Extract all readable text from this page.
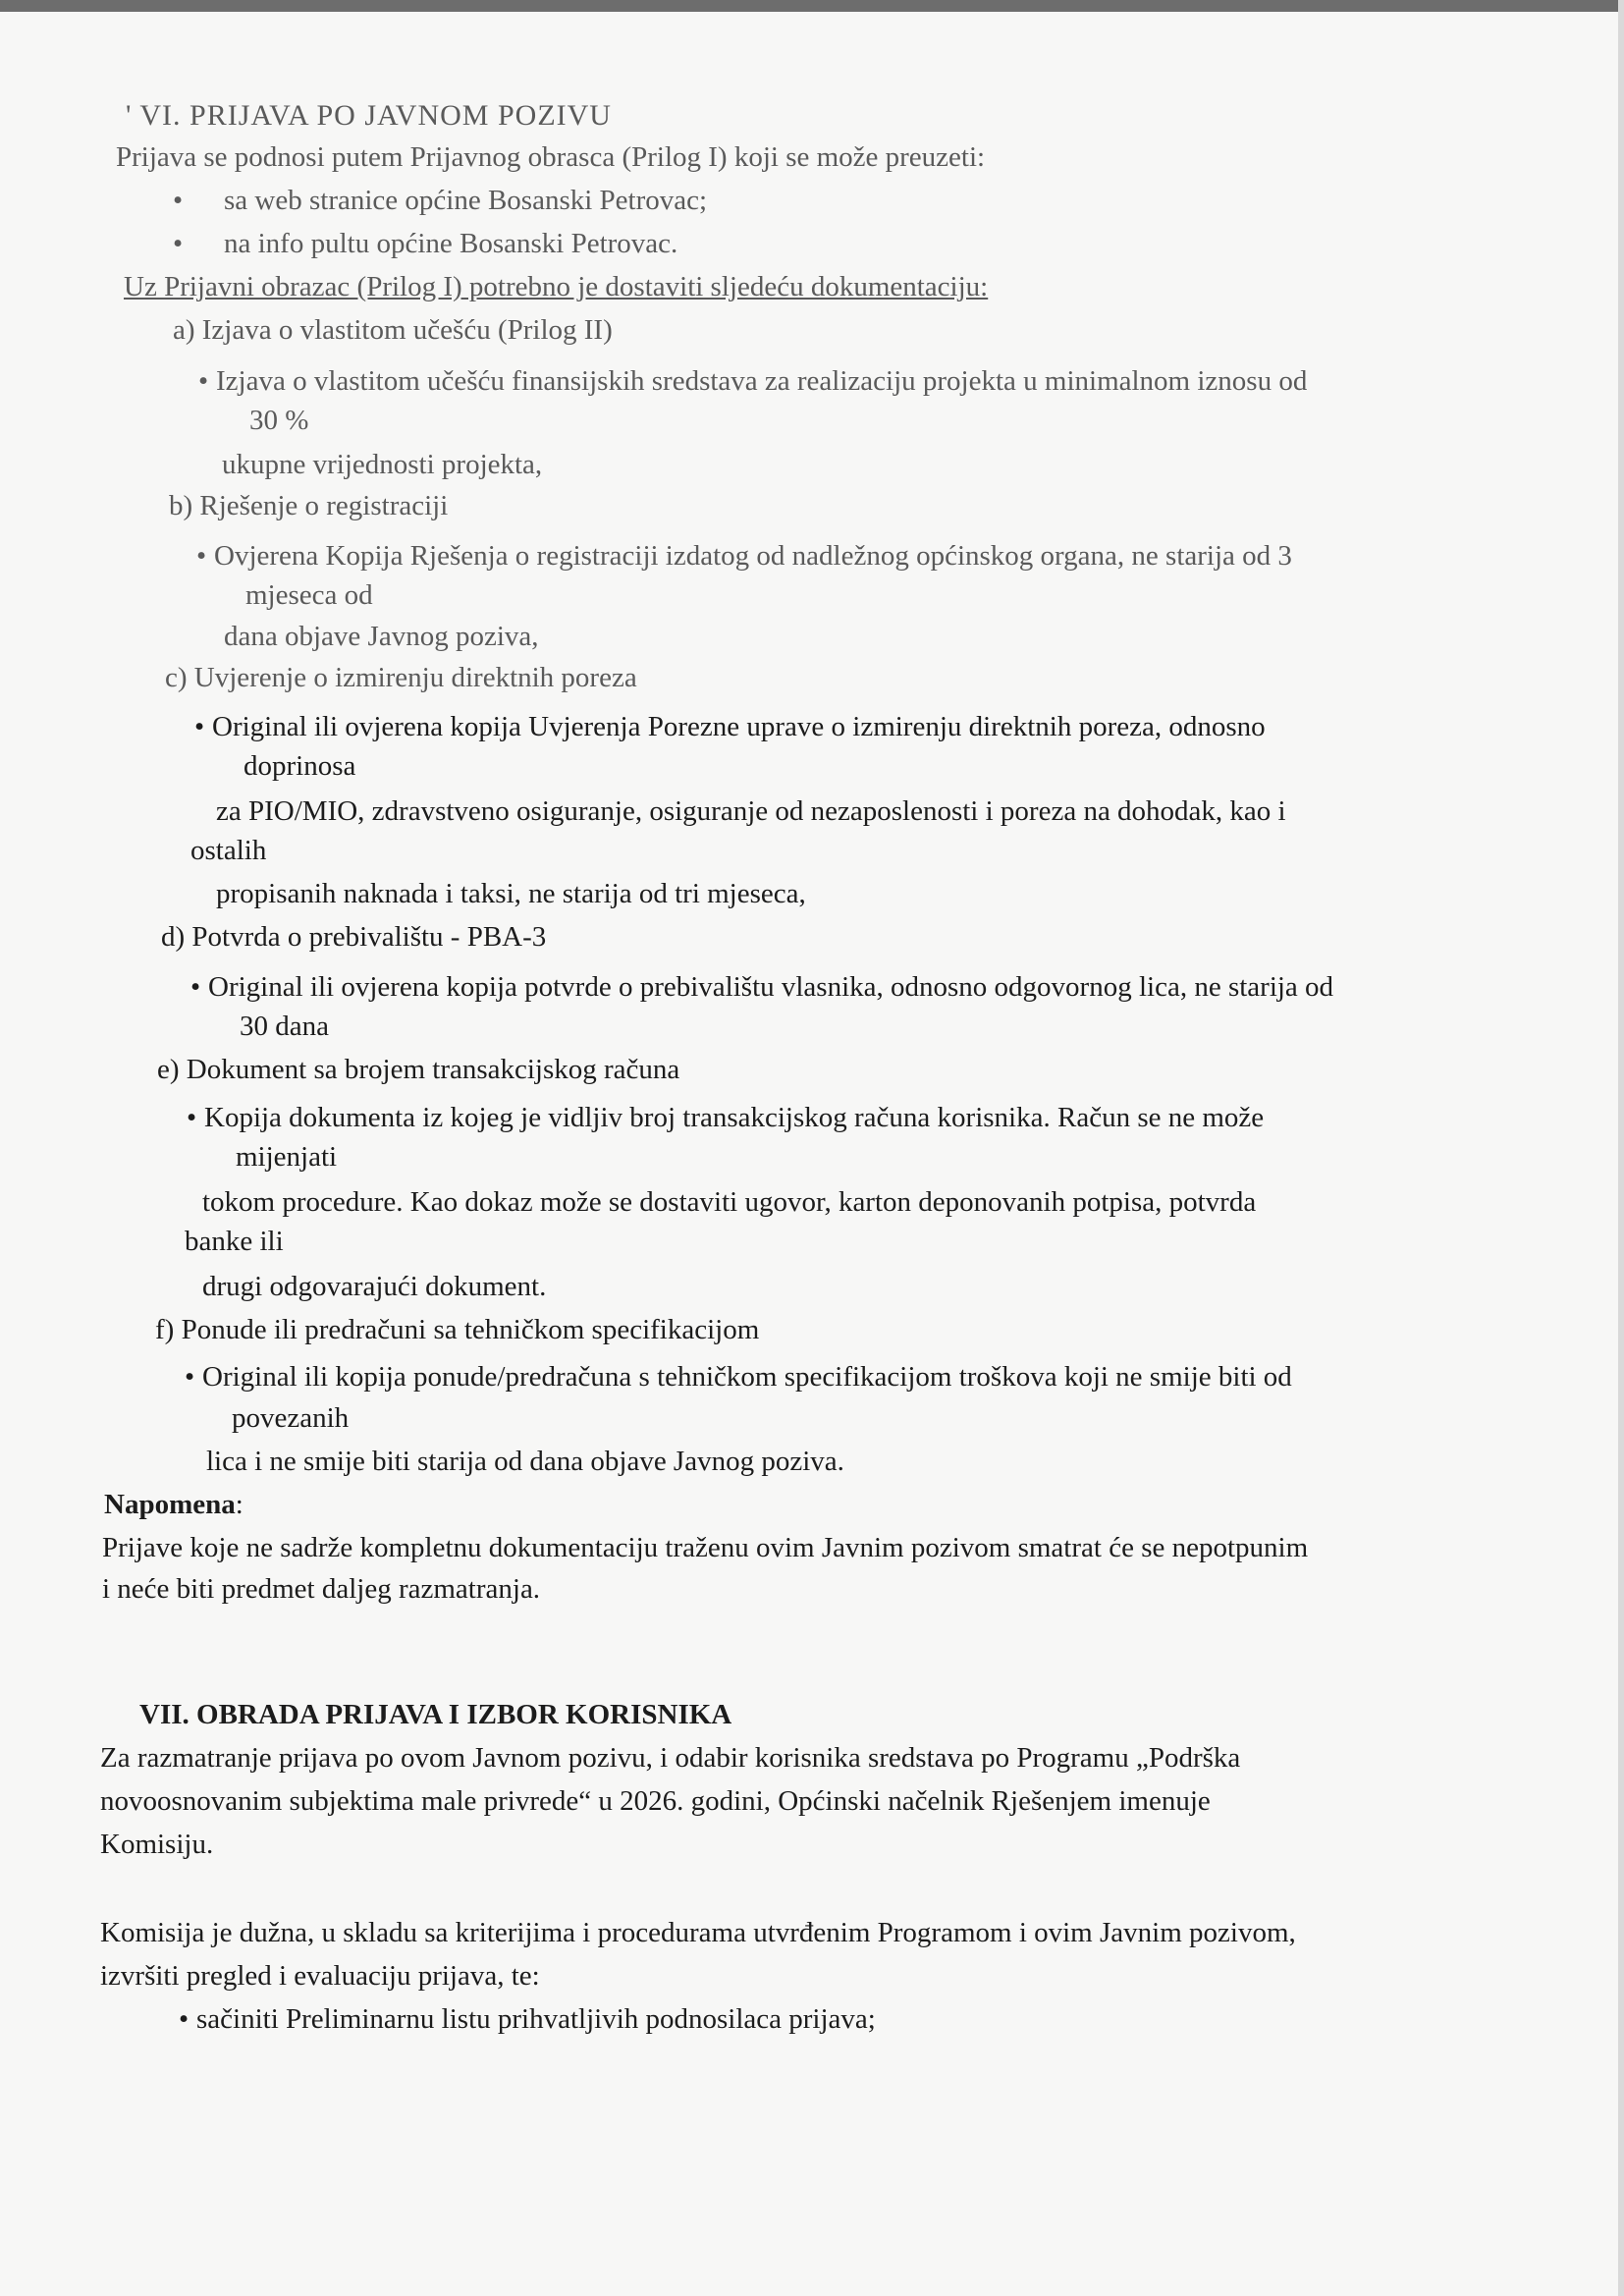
' VI. PRIJAVA PO JAVNOM POZIVU
Prijava se podnosi putem Prijavnog obrasca (Prilog I) koji se može preuzeti:
• sa web stranice općine Bosanski Petrovac;
• na info pultu općine Bosanski Petrovac.
Uz Prijavni obrazac (Prilog I) potrebno je dostaviti sljedeću dokumentaciju:
a) Izjava o vlastitom učešću (Prilog II)
• Izjava o vlastitom učešću finansijskih sredstava za realizaciju projekta u minimalnom iznosu od
30 %
ukupne vrijednosti projekta,
b) Rješenje o registraciji
• Ovjerena Kopija Rješenja o registraciji izdatog od nadležnog općinskog organa, ne starija od 3
mjeseca od
dana objave Javnog poziva,
c) Uvjerenje o izmirenju direktnih poreza
• Original ili ovjerena kopija Uvjerenja Porezne uprave o izmirenju direktnih poreza, odnosno
doprinosa
za PIO/MIO, zdravstveno osiguranje, osiguranje od nezaposlenosti i poreza na dohodak, kao i
ostalih
propisanih naknada i taksi, ne starija od tri mjeseca,
d) Potvrda o prebivalištu - PBA-3
• Original ili ovjerena kopija potvrde o prebivalištu vlasnika, odnosno odgovornog lica, ne starija od
30 dana
e) Dokument sa brojem transakcijskog računa
• Kopija dokumenta iz kojeg je vidljiv broj transakcijskog računa korisnika. Račun se ne može
mijenjati
tokom procedure. Kao dokaz može se dostaviti ugovor, karton deponovanih potpisa, potvrda
banke ili
drugi odgovarajući dokument.
f) Ponude ili predračuni sa tehničkom specifikacijom
• Original ili kopija ponude/predračuna s tehničkom specifikacijom troškova koji ne smije biti od
povezanih
lica i ne smije biti starija od dana objave Javnog poziva.
Napomena:
Prijave koje ne sadrže kompletnu dokumentaciju traženu ovim Javnim pozivom smatrat će se nepotpunim
i neće biti predmet daljeg razmatranja.
VII. OBRADA PRIJAVA I IZBOR KORISNIKA
Za razmatranje prijava po ovom Javnom pozivu, i odabir korisnika sredstava po Programu „Podrška
novoosnovanim subjektima male privrede“ u 2026. godini, Općinski načelnik Rješenjem imenuje
Komisiju.
Komisija je dužna, u skladu sa kriterijima i procedurama utvrđenim Programom i ovim Javnim pozivom,
izvršiti pregled i evaluaciju prijava, te:
• sačiniti Preliminarnu listu prihvatljivih podnosilaca prijava;
